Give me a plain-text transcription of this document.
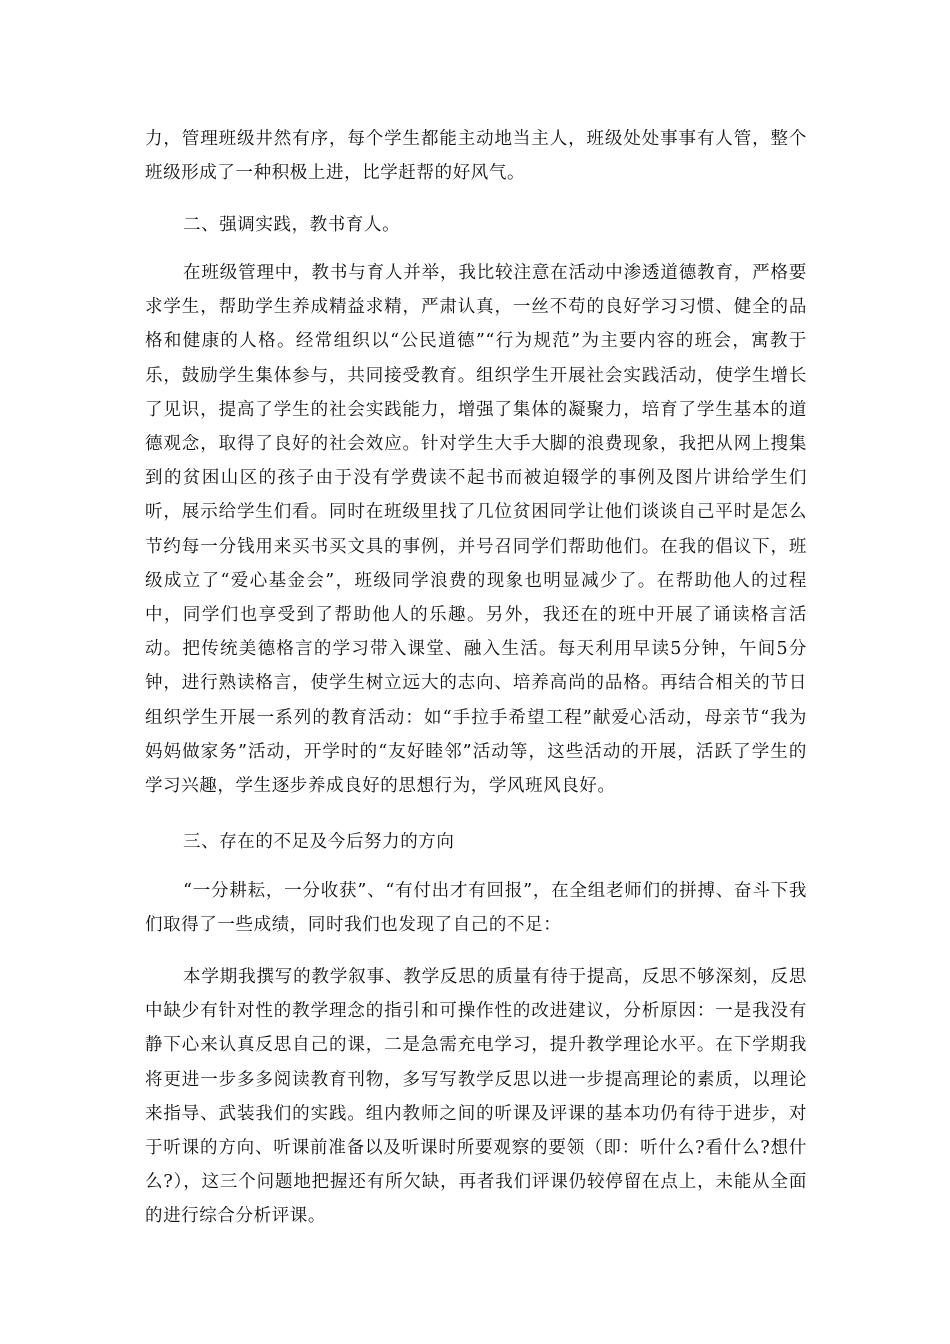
力，管理班级井然有序，每个学生都能主动地当主人，班级处处事事有人管，整个班级形成了一种积极上进，比学赶帮的好风气。

二、强调实践，教书育人。

在班级管理中，教书与育人并举，我比较注意在活动中渗透道德教育，严格要求学生，帮助学生养成精益求精，严肃认真，一丝不苟的良好学习习惯、健全的品格和健康的人格。经常组织以“公民道德”“行为规范”为主要内容的班会，寓教于乐，鼓励学生集体参与，共同接受教育。组织学生开展社会实践活动，使学生增长了见识，提高了学生的社会实践能力，增强了集体的凝聚力，培育了学生基本的道德观念，取得了良好的社会效应。针对学生大手大脚的浪费现象，我把从网上搜集到的贫困山区的孩子由于没有学费读不起书而被迫辍学的事例及图片讲给学生们听，展示给学生们看。同时在班级里找了几位贫困同学让他们谈谈自己平时是怎么节约每一分钱用来买书买文具的事例，并号召同学们帮助他们。在我的倡议下，班级成立了“爱心基金会”，班级同学浪费的现象也明显减少了。在帮助他人的过程中，同学们也享受到了帮助他人的乐趣。另外，我还在的班中开展了诵读格言活动。把传统美德格言的学习带入课堂、融入生活。每天利用早读5分钟，午间5分钟，进行熟读格言，使学生树立远大的志向、培养高尚的品格。再结合相关的节日组织学生开展一系列的教育活动：如“手拉手希望工程”献爱心活动，母亲节“我为妈妈做家务”活动，开学时的“友好睦邻”活动等，这些活动的开展，活跃了学生的学习兴趣，学生逐步养成良好的思想行为，学风班风良好。

三、存在的不足及今后努力的方向

“一分耕耘，一分收获”、“有付出才有回报”，在全组老师们的拼搏、奋斗下我们取得了一些成绩，同时我们也发现了自己的不足：

本学期我撰写的教学叙事、教学反思的质量有待于提高，反思不够深刻，反思中缺少有针对性的教学理念的指引和可操作性的改进建议，分析原因：一是我没有静下心来认真反思自己的课，二是急需充电学习，提升教学理论水平。在下学期我将更进一步多多阅读教育刊物，多写写教学反思以进一步提高理论的素质，以理论来指导、武装我们的实践。组内教师之间的听课及评课的基本功仍有待于进步，对于听课的方向、听课前准备以及听课时所要观察的要领（即：听什么?看什么?想什么?），这三个问题地把握还有所欠缺，再者我们评课仍较停留在点上，未能从全面的进行综合分析评课。
